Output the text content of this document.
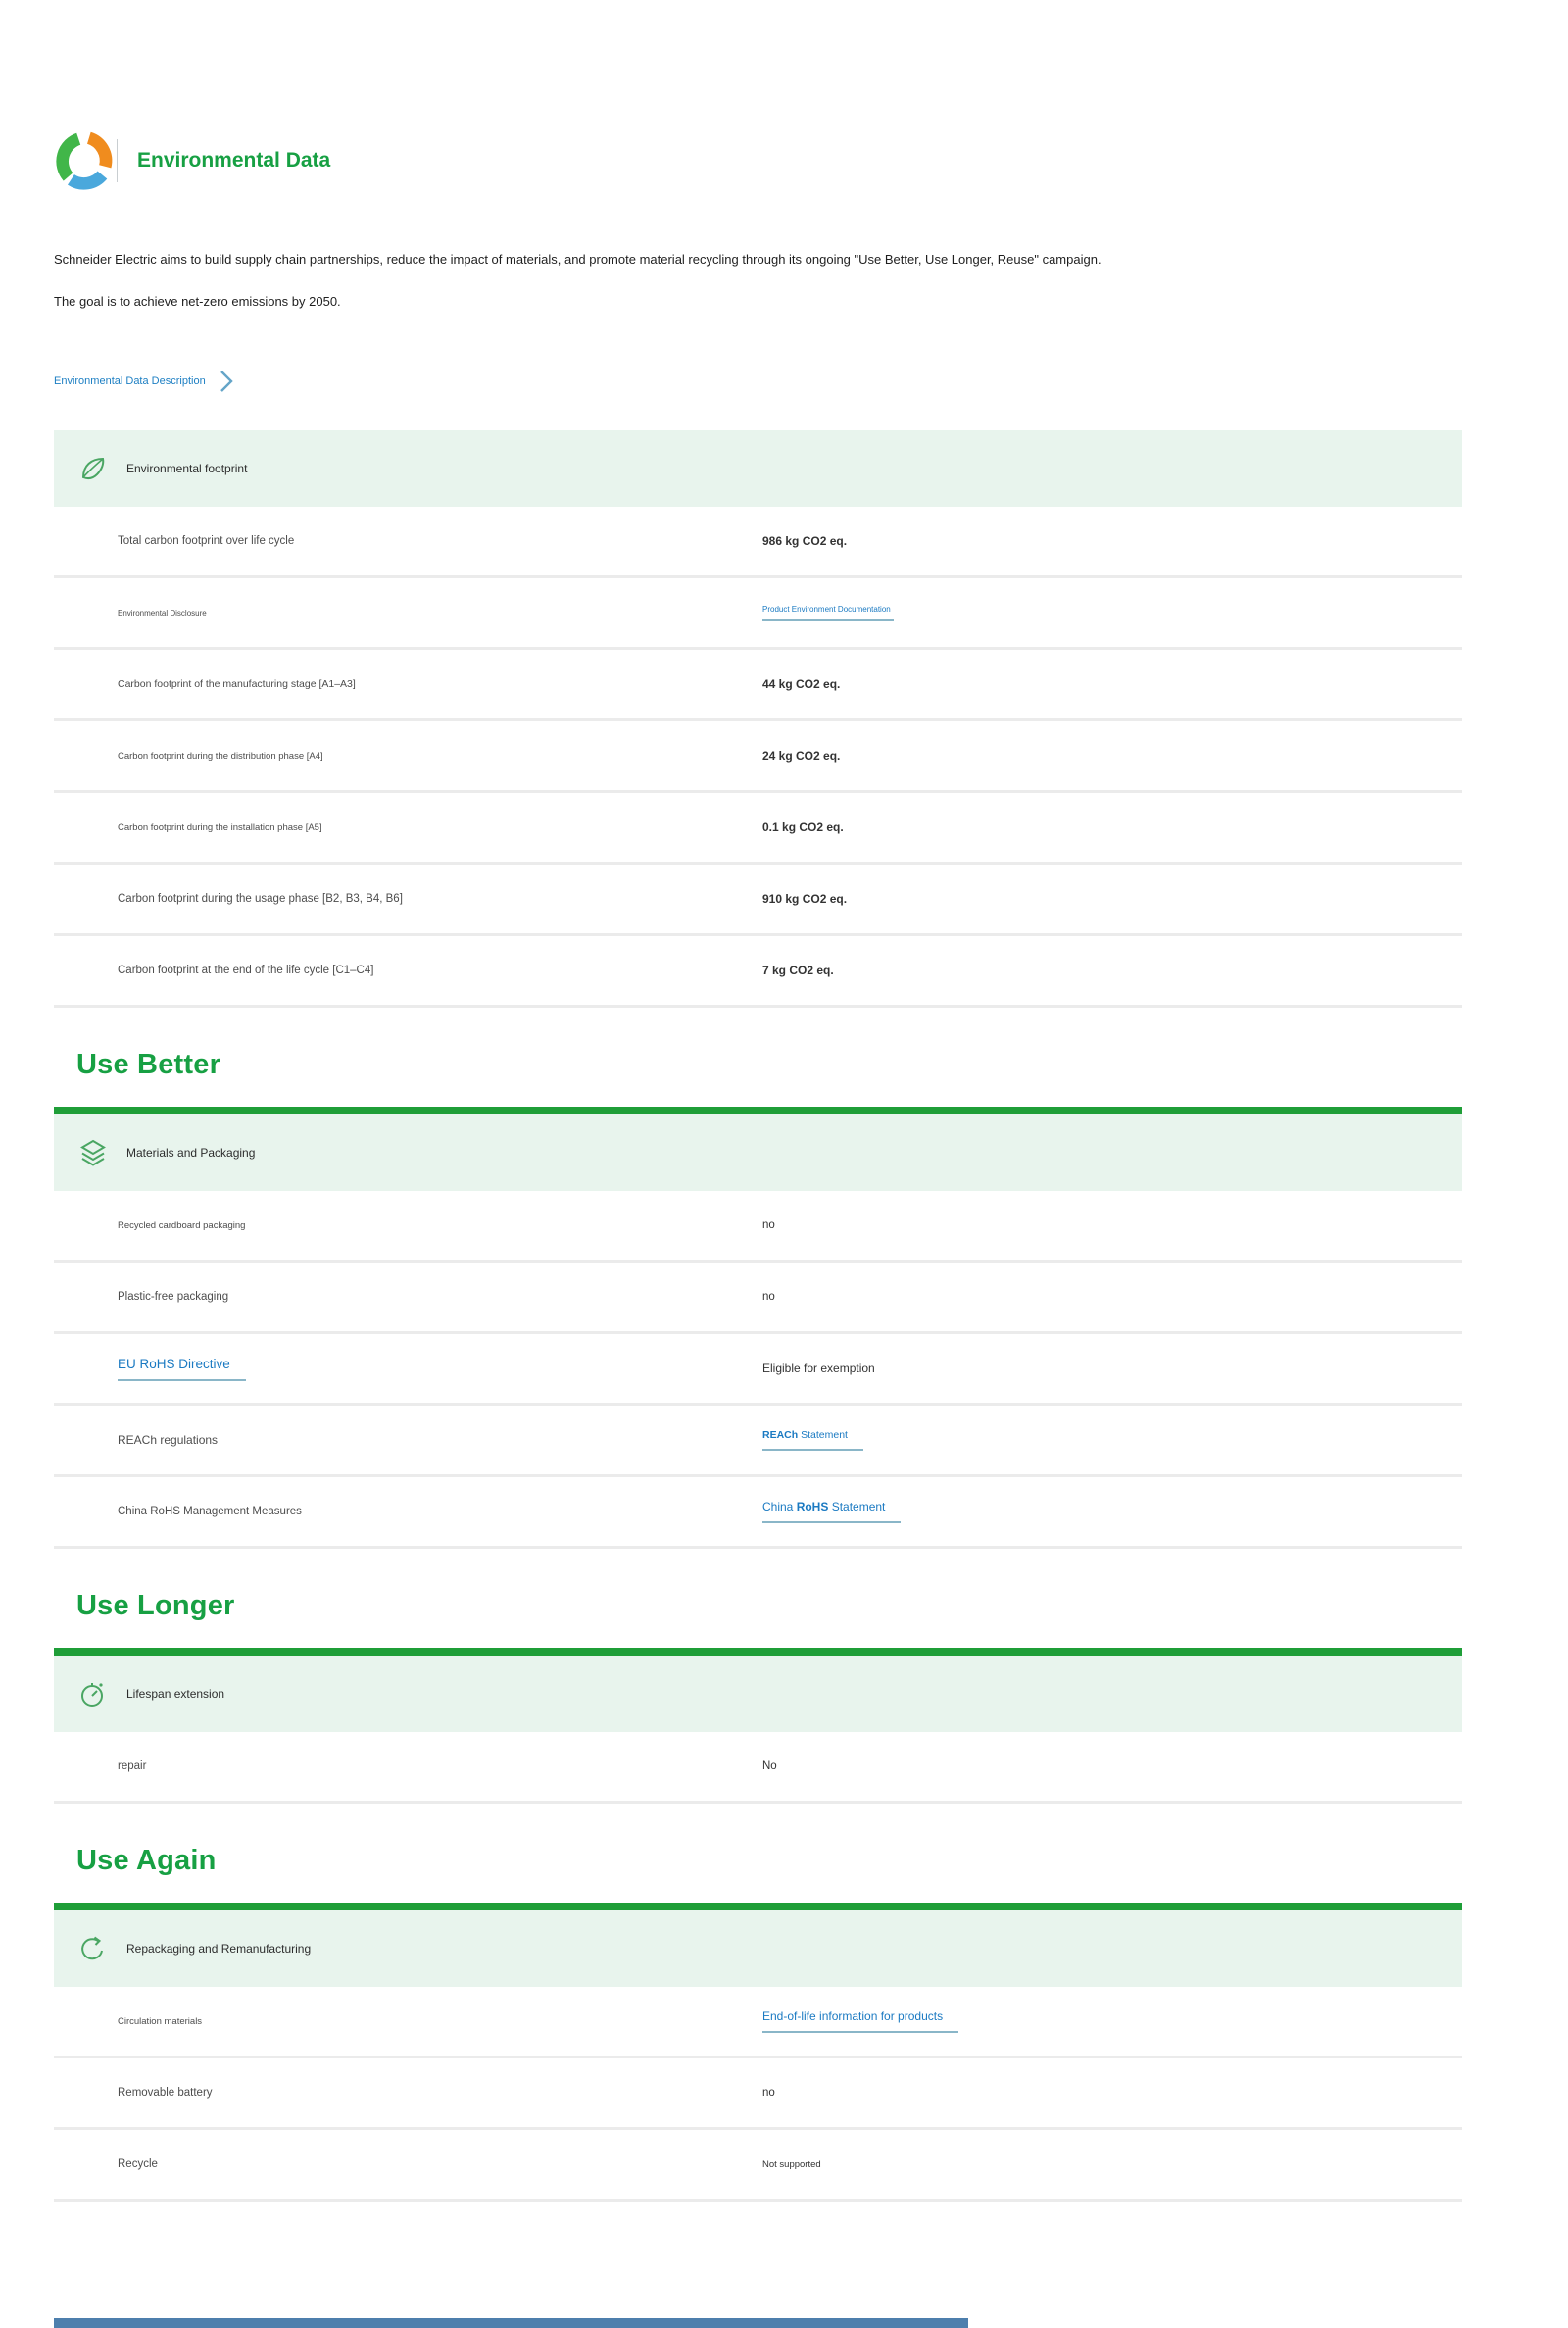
Environmental Data

Schneider Electric aims to build supply chain partnerships, reduce the impact of materials, and promote material recycling through its ongoing "Use Better, Use Longer, Reuse" campaign.

The goal is to achieve net-zero emissions by 2050.

Environmental Data Description
Environmental footprint
Total carbon footprint over life cycle	986 kg CO2 eq.
Environmental Disclosure	Product Environment Documentation
Carbon footprint of the manufacturing stage [A1–A3]	44 kg CO2 eq.
Carbon footprint during the distribution phase [A4]	24 kg CO2 eq.
Carbon footprint during the installation phase [A5]	0.1 kg CO2 eq.
Carbon footprint during the usage phase [B2, B3, B4, B6]	910 kg CO2 eq.
Carbon footprint at the end of the life cycle [C1–C4]	7 kg CO2 eq.
Use Better
Materials and Packaging
Recycled cardboard packaging	no
Plastic-free packaging	no
EU RoHS Directive	Eligible for exemption
REACh regulations	REACh Statement
China RoHS Management Measures	China RoHS Statement
Use Longer
Lifespan extension
repair	No
Use Again
Repackaging and Remanufacturing
Circulation materials	End-of-life information for products
Removable battery	no
Recycle	Not supported
